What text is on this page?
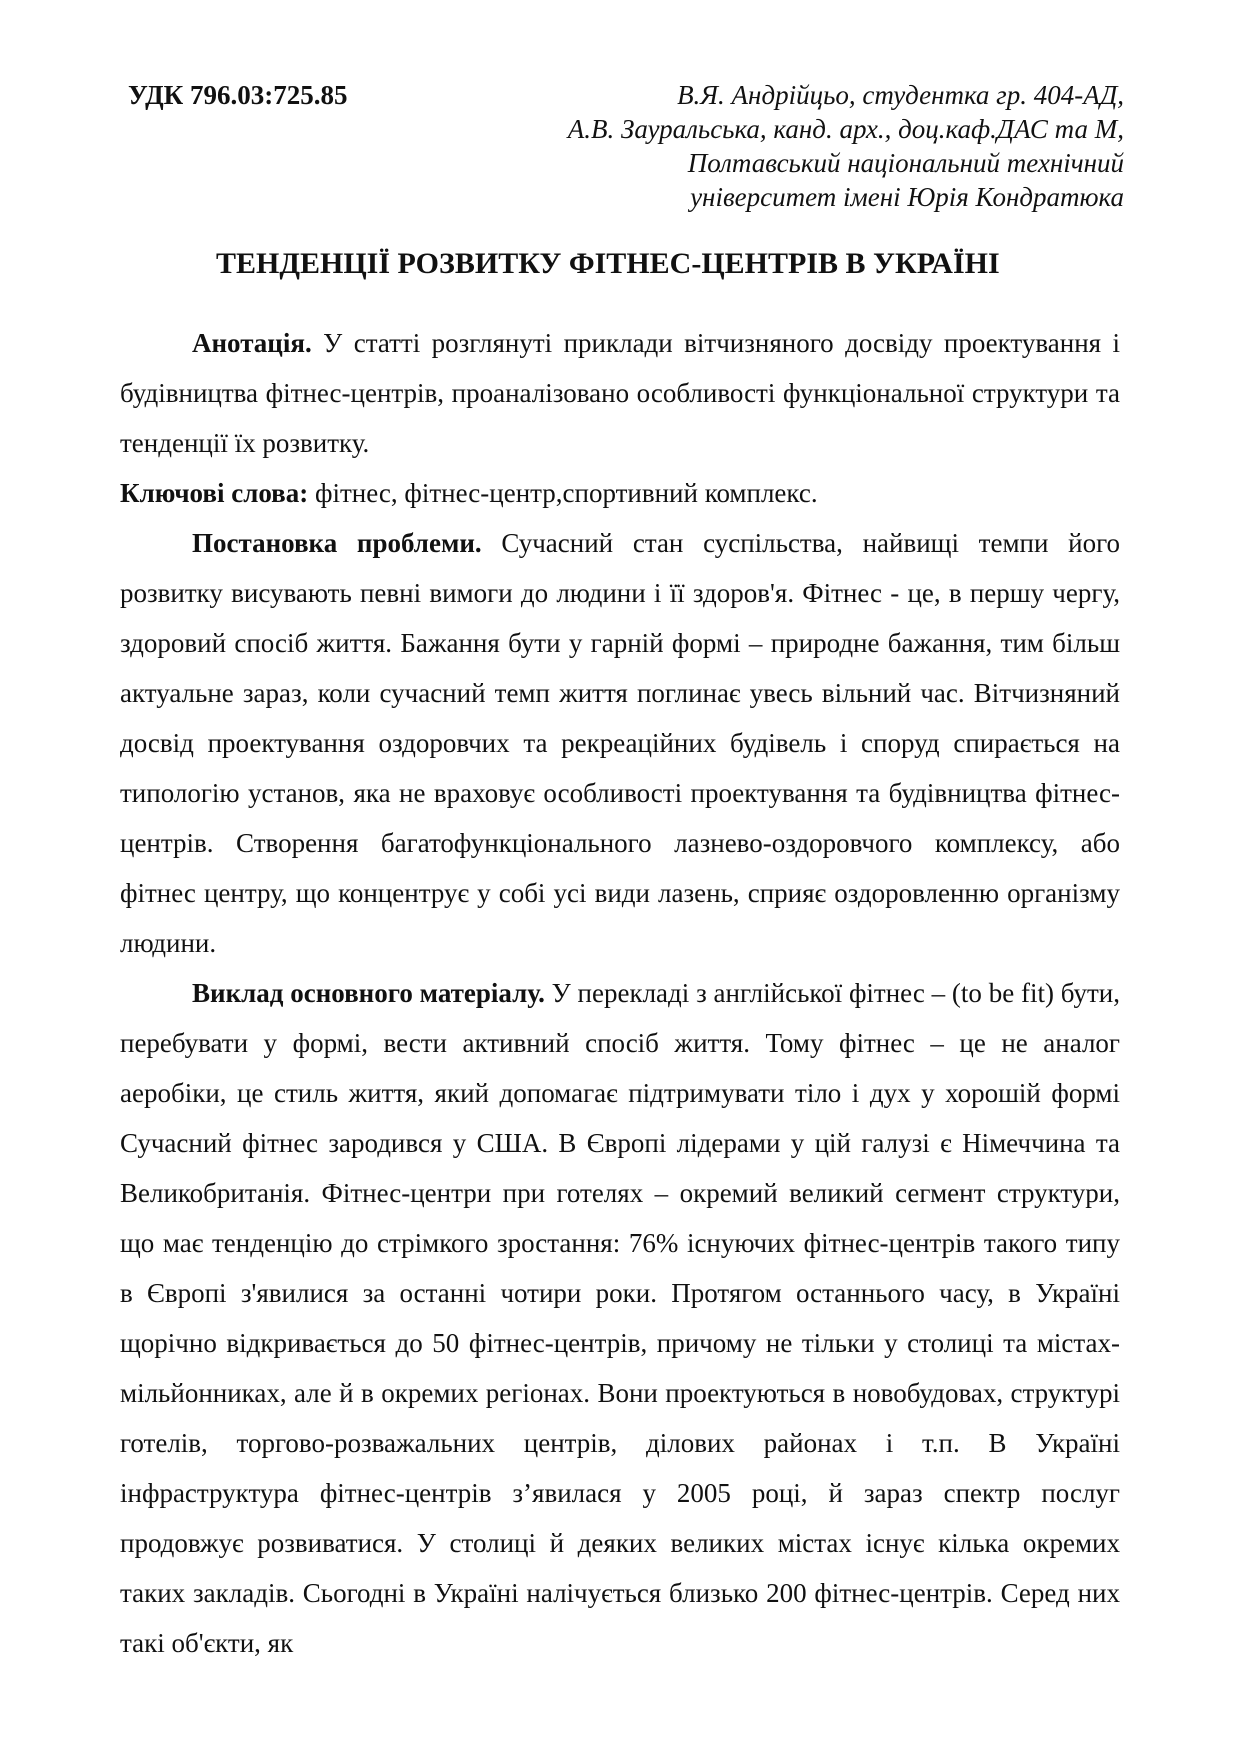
УДК 796.03:725.85	В.Я. Андрійцьо, студентка гр. 404-АД,
А.В. Зауральська, канд. арх., доц.каф.ДАС та М,
Полтавський національний технічний
університет імені Юрія Кондратюка
ТЕНДЕНЦІЇ РОЗВИТКУ ФІТНЕС-ЦЕНТРІВ В УКРАЇНІ

Анотація. У статті розглянуті приклади вітчизняного досвіду проектування і будівництва фітнес-центрів, проаналізовано особливості функціональної структури та тенденції їх розвитку.

Ключові слова: фітнес, фітнес-центр,спортивний комплекс.

Постановка проблеми. Сучасний стан суспільства, найвищі темпи його розвитку висувають певні вимоги до людини і її здоров'я. Фітнес - це, в першу чергу, здоровий спосіб життя. Бажання бути у гарній формі – природне бажання, тим більш актуальне зараз, коли сучасний темп життя поглинає увесь вільний час. Вітчизняний досвід проектування оздоровчих та рекреаційних будівель і споруд спирається на типологію установ, яка не враховує особливості проектування та будівництва фітнес-центрів. Створення багатофункціонального лазнево-оздоровчого комплексу, або фітнес центру, що концентрує у собі усі види лазень, сприяє оздоровленню організму людини.

Виклад основного матеріалу. У перекладі з англійської фітнес – (to be fit) бути, перебувати у формі, вести активний спосіб життя. Тому фітнес – це не аналог аеробіки, це стиль життя, який допомагає підтримувати тіло і дух у хорошій формі Сучасний фітнес зародився у США. В Європі лідерами у цій галузі є Німеччина та Великобританія. Фітнес-центри при готелях – окремий великий сегмент структури, що має тенденцію до стрімкого зростання: 76% існуючих фітнес-центрів такого типу в Європі з'явилися за останні чотири роки. Протягом останнього часу, в Україні щорічно відкривається до 50 фітнес-центрів, причому не тільки у столиці та містах- мільйонниках, але й в окремих регіонах. Вони проектуються в новобудовах, структурі готелів, торгово-розважальних центрів, ділових районах і т.п. В Україні інфраструктура фітнес-центрів з’явилася у 2005 році, й зараз спектр послуг продовжує розвиватися. У столиці й деяких великих містах існує кілька окремих таких закладів. Сьогодні в Україні налічується близько 200 фітнес-центрів. Серед них такі об'єкти, як
